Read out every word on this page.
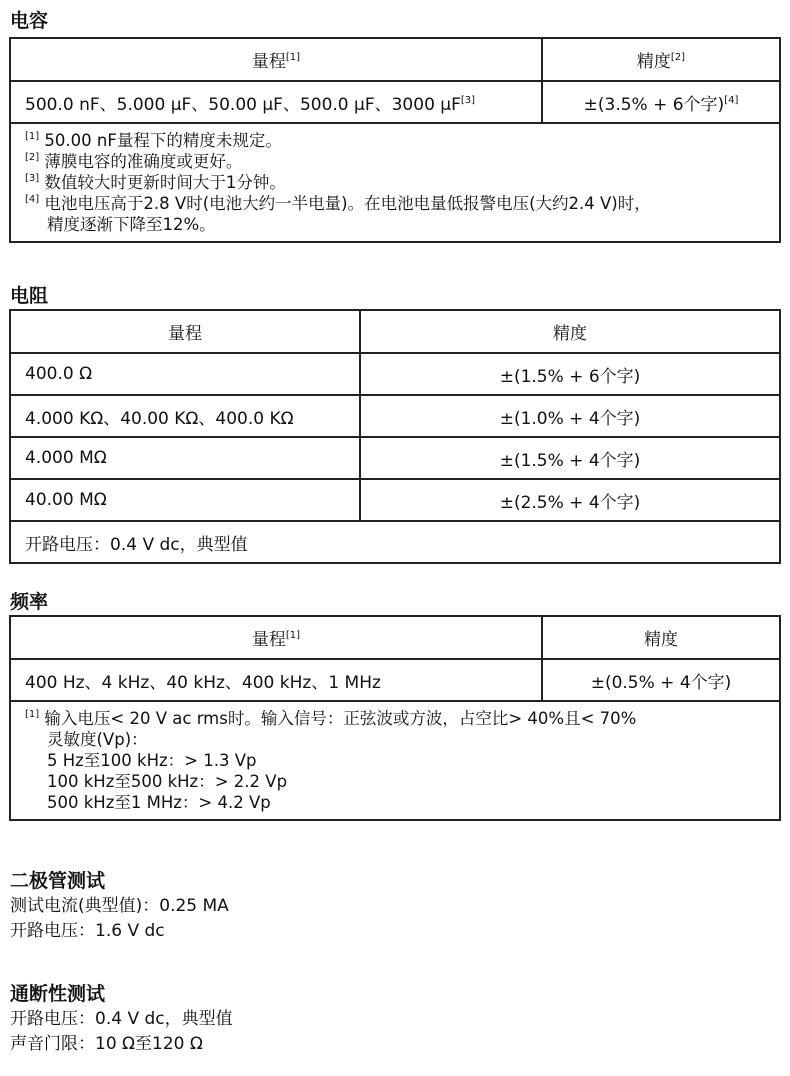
电容
量程[1]	精度[2]
500.0 nF、5.000 μF、50.00 μF、500.0 μF、3000 μF[3]	±(3.5% + 6个字)[4]

[1] 50.00 nF量程下的精度未规定。
[2] 薄膜电容的准确度或更好。
[3] 数值较大时更新时间大于1分钟。
[4] 电池电压高于2.8 V时(电池大约一半电量)。在电池电量低报警电压(大约2.4 V)时，
精度逐渐下降至12%。	
电阻
量程	精度
400.0 Ω	±(1.5% + 6个字)
4.000 KΩ、40.00 KΩ、400.0 KΩ	±(1.0% + 4个字)
4.000 MΩ	±(1.5% + 4个字)
40.00 MΩ	±(2.5% + 4个字)
开路电压：0.4 V dc，典型值	
频率
量程[1]	精度
400 Hz、4 kHz、40 kHz、400 kHz、1 MHz	±(0.5% + 4个字)

[1] 输入电压< 20 V ac rms时。输入信号：正弦波或方波，占空比> 40%且< 70%
灵敏度(Vp)：
5 Hz至100 kHz：> 1.3 Vp
100 kHz至500 kHz：> 2.2 Vp
500 kHz至1 MHz：> 4.2 Vp	
二极管测试
测试电流(典型值)：0.25 MA
开路电压：1.6 V dc
通断性测试
开路电压：0.4 V dc，典型值
声音门限：10 Ω至120 Ω
